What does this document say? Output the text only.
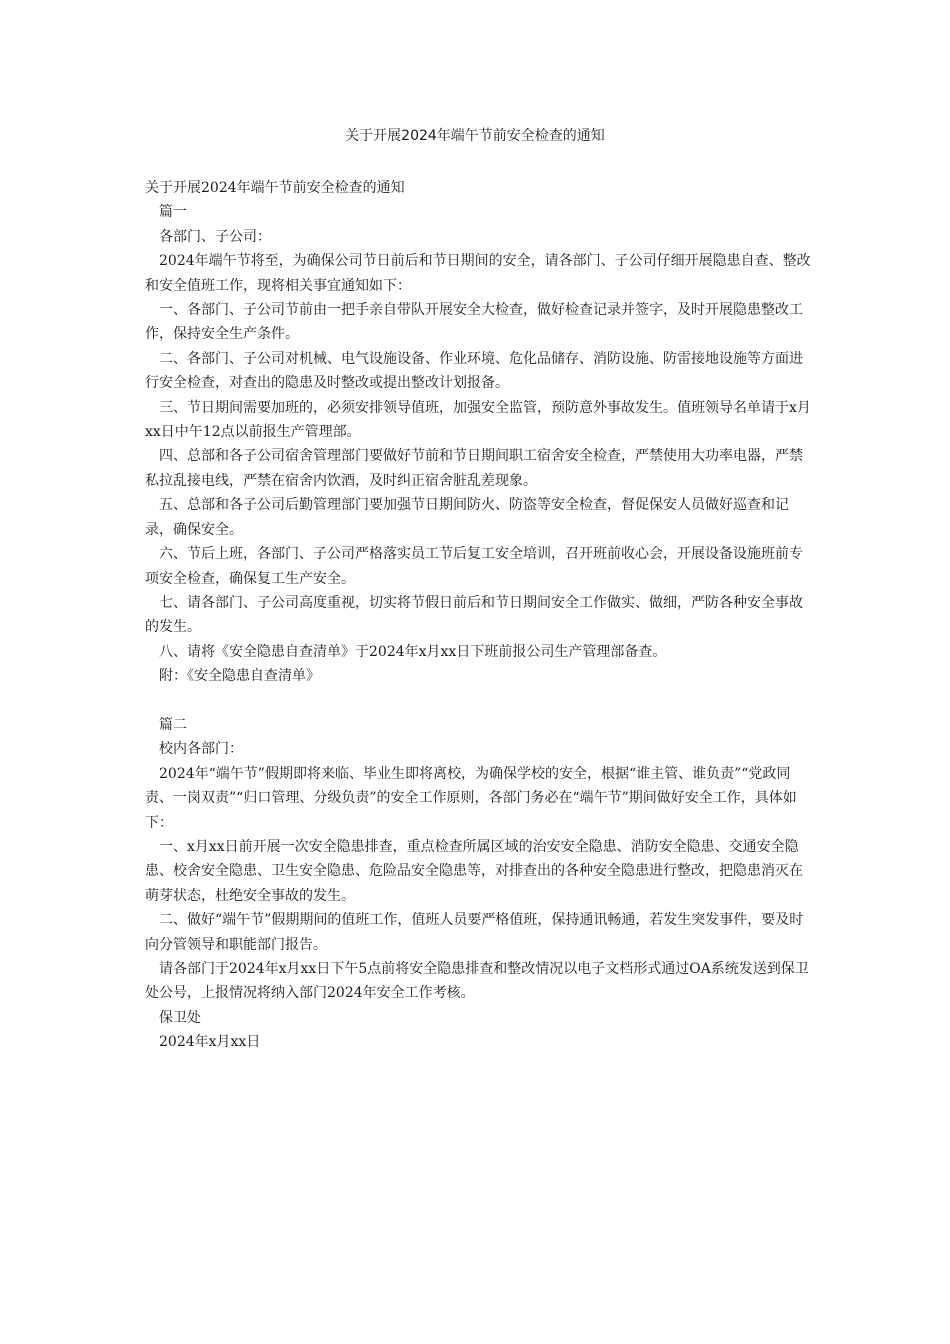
关于开展2024年端午节前安全检查的通知

关于开展2024年端午节前安全检查的通知

篇一

各部门、子公司：

2024年端午节将至，为确保公司节日前后和节日期间的安全，请各部门、子公司仔细开展隐患自查、整改和安全值班工作，现将相关事宜通知如下：

一、各部门、子公司节前由一把手亲自带队开展安全大检查，做好检查记录并签字，及时开展隐患整改工作，保持安全生产条件。

二、各部门、子公司对机械、电气设施设备、作业环境、危化品储存、消防设施、防雷接地设施等方面进行安全检查，对查出的隐患及时整改或提出整改计划报备。

三、节日期间需要加班的，必须安排领导值班，加强安全监管，预防意外事故发生。值班领导名单请于x月xx日中午12点以前报生产管理部。

四、总部和各子公司宿舍管理部门要做好节前和节日期间职工宿舍安全检查，严禁使用大功率电器，严禁私拉乱接电线，严禁在宿舍内饮酒，及时纠正宿舍脏乱差现象。

五、总部和各子公司后勤管理部门要加强节日期间防火、防盗等安全检查，督促保安人员做好巡查和记录，确保安全。

六、节后上班，各部门、子公司严格落实员工节后复工安全培训，召开班前收心会，开展设备设施班前专项安全检查，确保复工生产安全。

七、请各部门、子公司高度重视，切实将节假日前后和节日期间安全工作做实、做细，严防各种安全事故的发生。

八、请将《安全隐患自查清单》于2024年x月xx日下班前报公司生产管理部备查。

附：《安全隐患自查清单》

篇二

校内各部门：

2024年“端午节”假期即将来临、毕业生即将离校，为确保学校的安全，根据“谁主管、谁负责”“党政同责、一岗双责”“归口管理、分级负责”的安全工作原则，各部门务必在“端午节”期间做好安全工作，具体如下：

一、x月xx日前开展一次安全隐患排查，重点检查所属区域的治安安全隐患、消防安全隐患、交通安全隐患、校舍安全隐患、卫生安全隐患、危险品安全隐患等，对排查出的各种安全隐患进行整改，把隐患消灭在萌芽状态，杜绝安全事故的发生。

二、做好“端午节”假期期间的值班工作，值班人员要严格值班，保持通讯畅通，若发生突发事件，要及时向分管领导和职能部门报告。

请各部门于2024年x月xx日下午5点前将安全隐患排查和整改情况以电子文档形式通过OA系统发送到保卫处公号，上报情况将纳入部门2024年安全工作考核。

保卫处

2024年x月xx日
